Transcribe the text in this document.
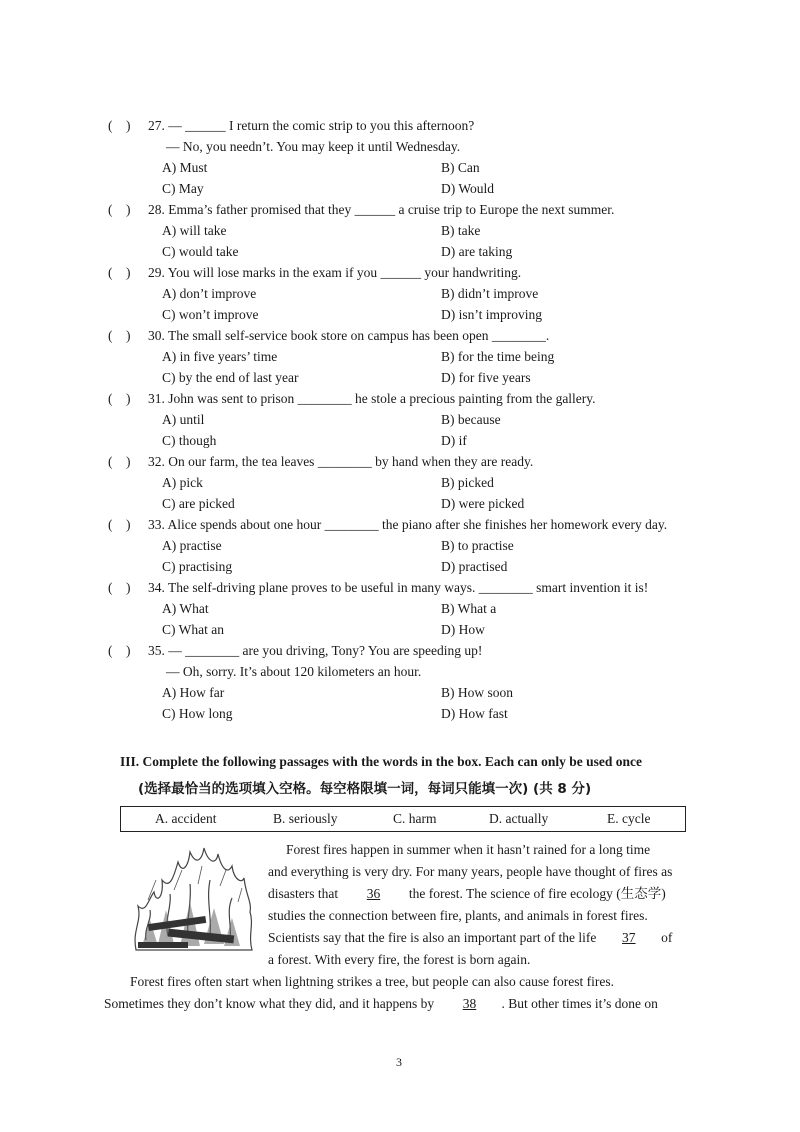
(　) 27. ― ______ I return the comic strip to you this afternoon?
― No, you needn’t. You may keep it until Wednesday.
A) Must	B) Can
C) May	D) Would
(　) 28. Emma’s father promised that they ______ a cruise trip to Europe the next summer.
A) will take	B) take
C) would take	D) are taking
(　) 29. You will lose marks in the exam if you ______ your handwriting.
A) don’t improve	B) didn’t improve
C) won’t improve	D) isn’t improving
(　) 30. The small self-service book store on campus has been open ________.
A) in five years’ time	B) for the time being
C) by the end of last year	D) for five years
(　) 31. John was sent to prison ________ he stole a precious painting from the gallery.
A) until	B) because
C) though	D) if
(　) 32. On our farm, the tea leaves ________ by hand when they are ready.
A) pick	B) picked
C) are picked	D) were picked
(　) 33. Alice spends about one hour ________ the piano after she finishes her homework every day.
A) practise	B) to practise
C) practising	D) practised
(　) 34. The self-driving plane proves to be useful in many ways. ________ smart invention it is!
A) What	B) What a
C) What an	D) How
(　) 35. ― ________ are you driving, Tony? You are speeding up!
― Oh, sorry. It’s about 120 kilometers an hour.
A) How far	B) How soon
C) How long	D) How fast
III. Complete the following passages with the words in the box. Each can only be used once
(选择最恰当的选项填入空格。每空格限填一词，每词只能填一次) (共 8 分)
A. accident	B. seriously	C. harm	D. actually	E. cycle
Forest fires happen in summer when it hasn’t rained for a long time
and everything is very dry. For many years, people have thought of fires as
disasters that 36 the forest. The science of fire ecology (生态学)
studies the connection between fire, plants, and animals in forest fires.
Scientists say that the fire is also an important part of the life 37 of
a forest. With every fire, the forest is born again.
Forest fires often start when lightning strikes a tree, but people can also cause forest fires.
Sometimes they don’t know what they did, and it happens by 38 . But other times it’s done on
3
